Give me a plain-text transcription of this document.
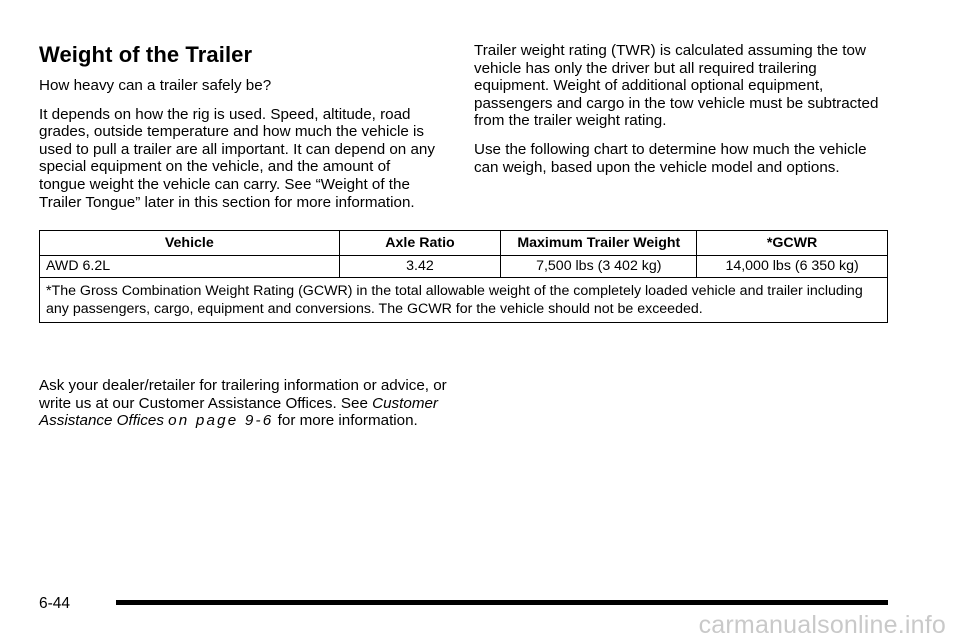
Weight of the Trailer

How heavy can a trailer safely be?

It depends on how the rig is used. Speed, altitude, road grades, outside temperature and how much the vehicle is used to pull a trailer are all important. It can depend on any special equipment on the vehicle, and the amount of tongue weight the vehicle can carry. See “Weight of the Trailer Tongue” later in this section for more information.

Trailer weight rating (TWR) is calculated assuming the tow vehicle has only the driver but all required trailering equipment. Weight of additional optional equipment, passengers and cargo in the tow vehicle must be subtracted from the trailer weight rating.

Use the following chart to determine how much the vehicle can weigh, based upon the vehicle model and options.

Vehicle	Axle Ratio	Maximum Trailer Weight	*GCWR
AWD 6.2L	3.42	7,500 lbs (3 402 kg)	14,000 lbs (6 350 kg)
*The Gross Combination Weight Rating (GCWR) in the total allowable weight of the completely loaded vehicle and trailer including any passengers, cargo, equipment and conversions. The GCWR for the vehicle should not be exceeded.			

Ask your dealer/retailer for trailering information or advice, or write us at our Customer Assistance Offices. See Customer Assistance Offices on page 9-6 for more information.

6-44
carmanualsonline.info
